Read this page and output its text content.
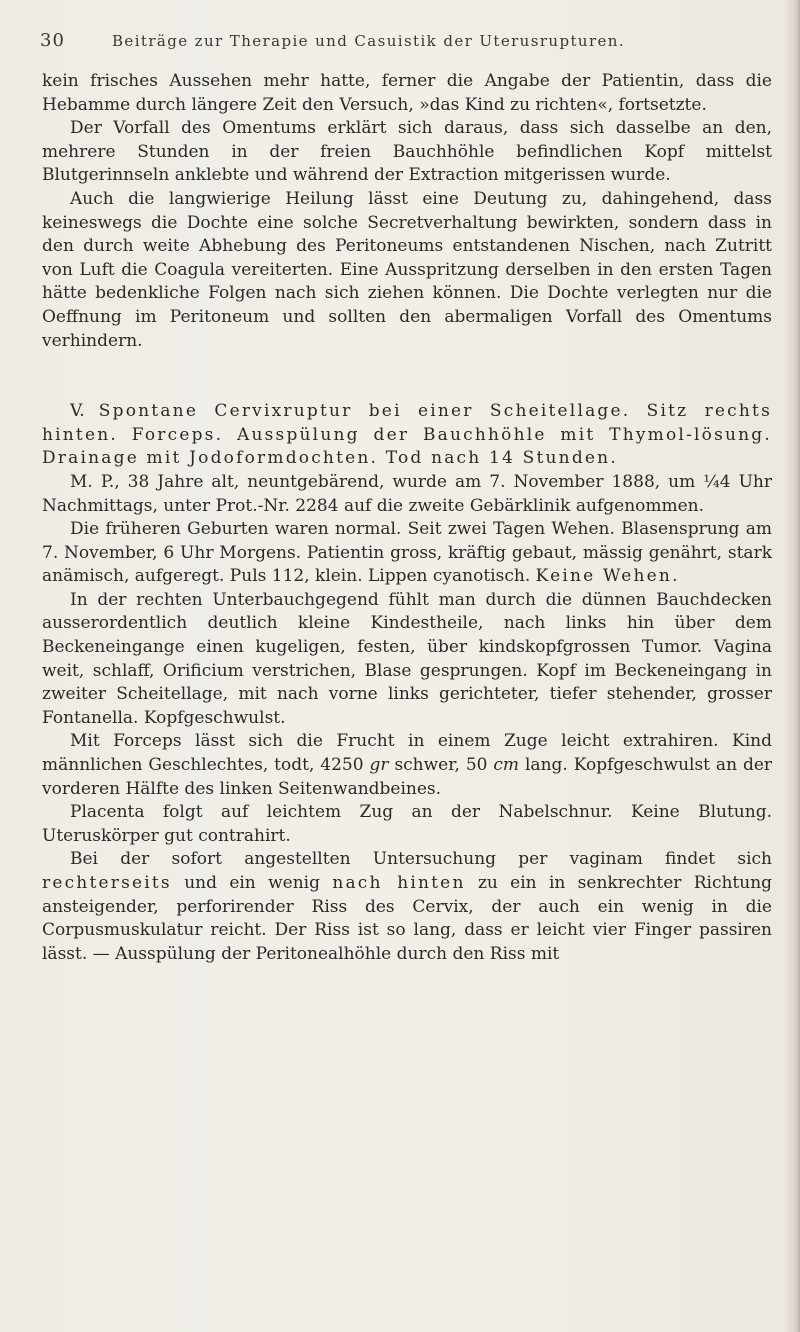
30	Beiträge zur Therapie und Casuistik der Uterusrupturen.

kein frisches Aussehen mehr hatte, ferner die Angabe der Patientin, dass die Hebamme durch längere Zeit den Versuch, »das Kind zu richten«, fortsetzte.

Der Vorfall des Omentums erklärt sich daraus, dass sich dasselbe an den, mehrere Stunden in der freien Bauchhöhle befindlichen Kopf mittelst Blutgerinnseln anklebte und während der Extraction mitgerissen wurde.

Auch die langwierige Heilung lässt eine Deutung zu, dahingehend, dass keineswegs die Dochte eine solche Secretverhaltung bewirkten, sondern dass in den durch weite Abhebung des Peritoneums entstandenen Nischen, nach Zutritt von Luft die Coagula vereiterten. Eine Ausspritzung derselben in den ersten Tagen hätte bedenkliche Folgen nach sich ziehen können. Die Dochte verlegten nur die Oeffnung im Peritoneum und sollten den abermaligen Vorfall des Omentums verhindern.

V. Spontane Cervixruptur bei einer Scheitellage. Sitz rechts hinten. Forceps. Ausspülung der Bauchhöhle mit Thymol-lösung. Drainage mit Jodoformdochten. Tod nach 14 Stunden.

M. P., 38 Jahre alt, neuntgebärend, wurde am 7. November 1888, um ¼4 Uhr Nachmittags, unter Prot.-Nr. 2284 auf die zweite Gebärklinik aufgenommen.

Die früheren Geburten waren normal. Seit zwei Tagen Wehen. Blasensprung am 7. November, 6 Uhr Morgens. Patientin gross, kräftig gebaut, mässig genährt, stark anämisch, aufgeregt. Puls 112, klein. Lippen cyanotisch. Keine Wehen.

In der rechten Unterbauchgegend fühlt man durch die dünnen Bauchdecken ausserordentlich deutlich kleine Kindestheile, nach links hin über dem Beckeneingange einen kugeligen, festen, über kindskopfgrossen Tumor. Vagina weit, schlaff, Orificium verstrichen, Blase gesprungen. Kopf im Beckeneingang in zweiter Scheitellage, mit nach vorne links gerichteter, tiefer stehender, grosser Fontanella. Kopfgeschwulst.

Mit Forceps lässt sich die Frucht in einem Zuge leicht extrahiren. Kind männlichen Geschlechtes, todt, 4250 gr schwer, 50 cm lang. Kopfgeschwulst an der vorderen Hälfte des linken Seitenwandbeines.

Placenta folgt auf leichtem Zug an der Nabelschnur. Keine Blutung. Uteruskörper gut contrahirt.

Bei der sofort angestellten Untersuchung per vaginam findet sich rechterseits und ein wenig nach hinten zu ein in senkrechter Richtung ansteigender, perforirender Riss des Cervix, der auch ein wenig in die Corpusmuskulatur reicht. Der Riss ist so lang, dass er leicht vier Finger passiren lässt. — Ausspülung der Peritonealhöhle durch den Riss mit
